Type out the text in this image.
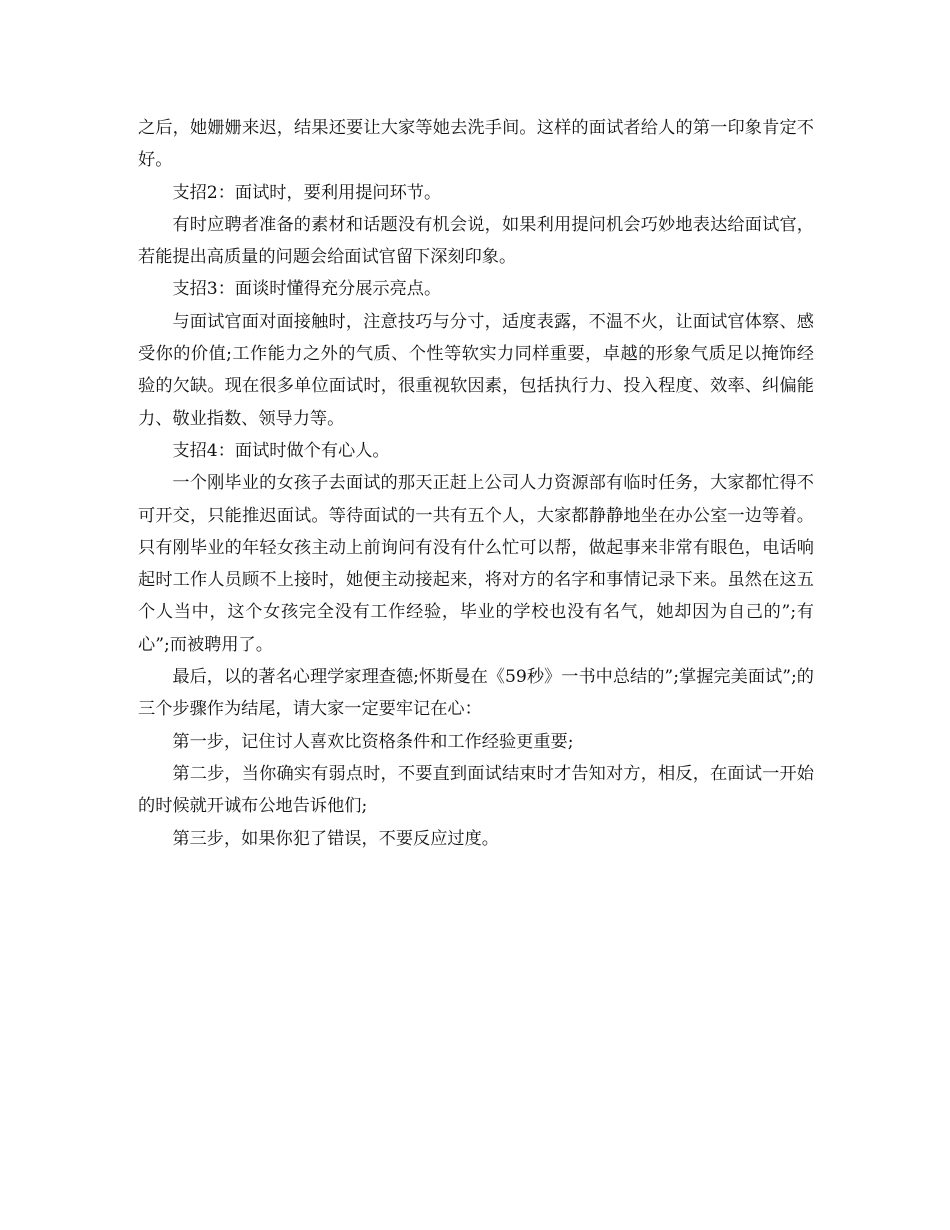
之后，她姗姗来迟，结果还要让大家等她去洗手间。这样的面试者给人的第一印象肯定不好。

支招2：面试时，要利用提问环节。

有时应聘者准备的素材和话题没有机会说，如果利用提问机会巧妙地表达给面试官，若能提出高质量的问题会给面试官留下深刻印象。

支招3：面谈时懂得充分展示亮点。

与面试官面对面接触时，注意技巧与分寸，适度表露，不温不火，让面试官体察、感受你的价值;工作能力之外的气质、个性等软实力同样重要，卓越的形象气质足以掩饰经验的欠缺。现在很多单位面试时，很重视软因素，包括执行力、投入程度、效率、纠偏能力、敬业指数、领导力等。

支招4：面试时做个有心人。

一个刚毕业的女孩子去面试的那天正赶上公司人力资源部有临时任务，大家都忙得不可开交，只能推迟面试。等待面试的一共有五个人，大家都静静地坐在办公室一边等着。只有刚毕业的年轻女孩主动上前询问有没有什么忙可以帮，做起事来非常有眼色，电话响起时工作人员顾不上接时，她便主动接起来，将对方的名字和事情记录下来。虽然在这五个人当中，这个女孩完全没有工作经验，毕业的学校也没有名气，她却因为自己的”;有心”;而被聘用了。

最后，以的著名心理学家理查德;怀斯曼在《59秒》一书中总结的”;掌握完美面试”;的三个步骤作为结尾，请大家一定要牢记在心：

第一步，记住讨人喜欢比资格条件和工作经验更重要;

第二步，当你确实有弱点时，不要直到面试结束时才告知对方，相反，在面试一开始的时候就开诚布公地告诉他们;

第三步，如果你犯了错误，不要反应过度。
